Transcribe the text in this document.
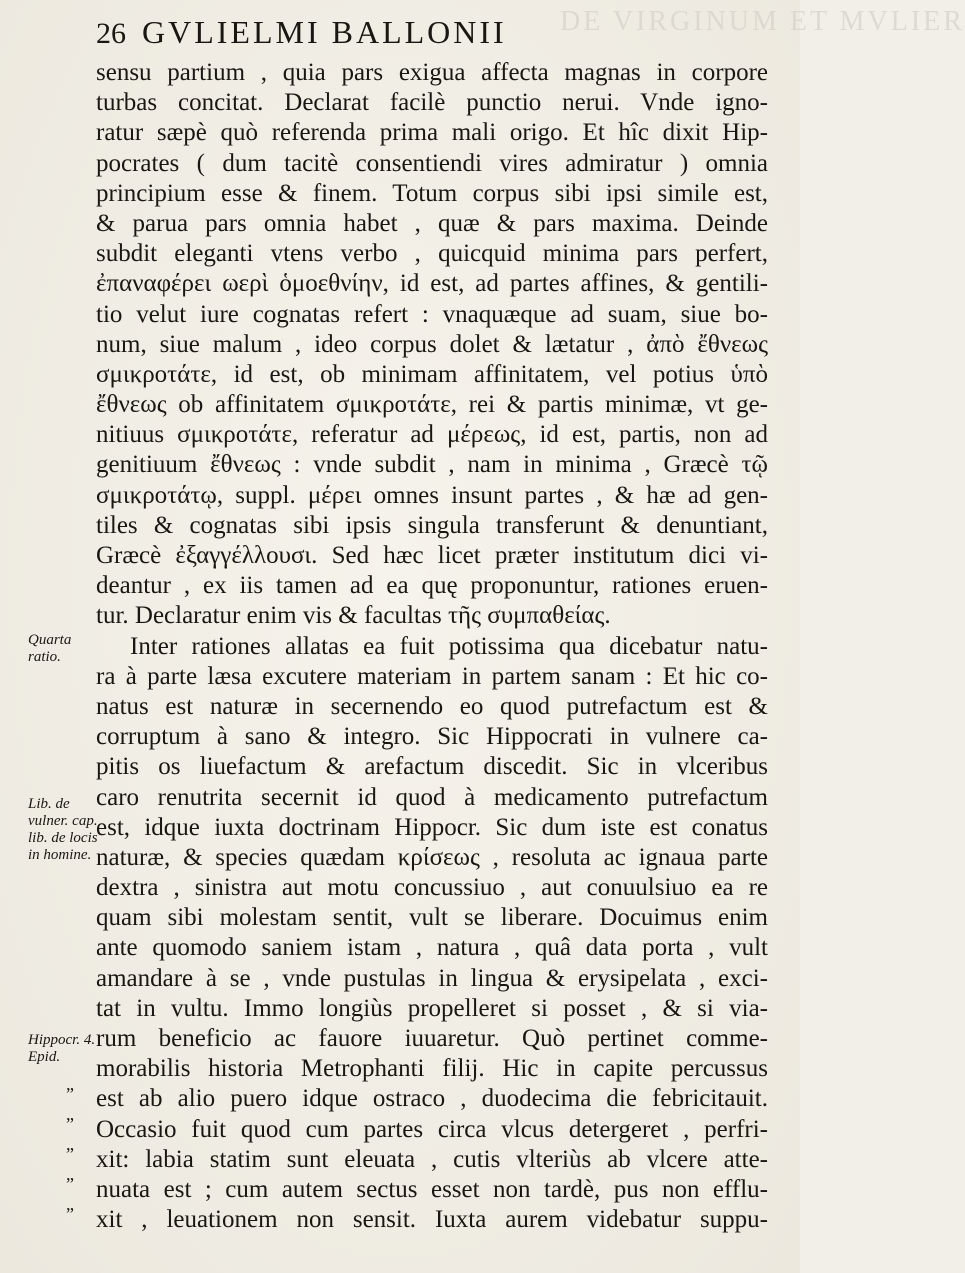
DE VIRGINUM ET MVLIER
26 GVLIELMI BALLONII
Quarta ratio.
Lib. de vulner. cap. lib. de locis in homine.
Hippocr. 4. Epid.
”
”
”
”
”
sensu partium , quia pars exigua affecta magnas in corpore
turbas concitat. Declarat facilè punctio nerui. Vnde igno-
ratur sæpè quò referenda prima mali origo. Et hîc dixit Hip-
pocrates ( dum tacitè consentiendi vires admiratur ) omnia
principium esse & finem. Totum corpus sibi ipsi simile est,
& parua pars omnia habet , quæ & pars maxima. Deinde
subdit eleganti vtens verbo , quicquid minima pars perfert,
ἐπαναφέρει ωερὶ ὁμοεθνίην, id est, ad partes affines, & gentili-
tio velut iure cognatas refert : vnaquæque ad suam, siue bo-
num, siue malum , ideo corpus dolet & lætatur , ἀπὸ ἔθνεως
σμικροτάτε, id est, ob minimam affinitatem, vel potius ὑπὸ
ἔθνεως ob affinitatem σμικροτάτε, rei & partis minimæ, vt ge-
nitiuus σμικροτάτε, referatur ad μέρεως, id est, partis, non ad
genitiuum ἔθνεως : vnde subdit , nam in minima , Græcè τῷ
σμικροτάτῳ, suppl. μέρει omnes insunt partes , & hæ ad gen-
tiles & cognatas sibi ipsis singula transferunt & denuntiant,
Græcè ἐξαγγέλλουσι. Sed hæc licet præter institutum dici vi-
deantur , ex iis tamen ad ea quę proponuntur, rationes eruen-
tur. Declaratur enim vis & facultas τῆς συμπαθείας.
Inter rationes allatas ea fuit potissima qua dicebatur natu-
ra à parte læsa excutere materiam in partem sanam : Et hic co-
natus est naturæ in secernendo eo quod putrefactum est &
corruptum à sano & integro. Sic Hippocrati in vulnere ca-
pitis os liuefactum & arefactum discedit. Sic in vlceribus
caro renutrita secernit id quod à medicamento putrefactum
est, idque iuxta doctrinam Hippocr. Sic dum iste est conatus
naturæ, & species quædam κρίσεως , resoluta ac ignaua parte
dextra , sinistra aut motu concussiuo , aut conuulsiuo ea re
quam sibi molestam sentit, vult se liberare. Docuimus enim
ante quomodo saniem istam , natura , quâ data porta , vult
amandare à se , vnde pustulas in lingua & erysipelata , exci-
tat in vultu. Immo longiùs propelleret si posset , & si via-
rum beneficio ac fauore iuuaretur. Quò pertinet comme-
morabilis historia Metrophanti filij. Hic in capite percussus
est ab alio puero idque ostraco , duodecima die febricitauit.
Occasio fuit quod cum partes circa vlcus detergeret , perfri-
xit: labia statim sunt eleuata , cutis vlteriùs ab vlcere atte-
nuata est ; cum autem sectus esset non tardè, pus non efflu-
xit , leuationem non sensit. Iuxta aurem videbatur suppu-
